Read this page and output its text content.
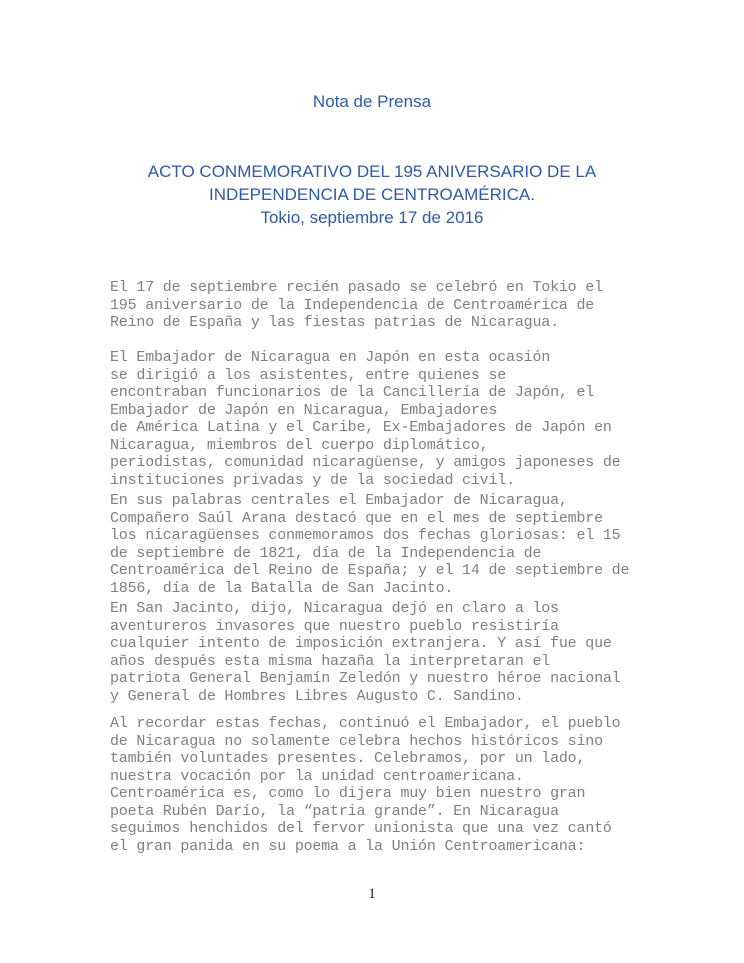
Nota de Prensa
ACTO CONMEMORATIVO DEL 195 ANIVERSARIO DE LA
INDEPENDENCIA DE CENTROAMÉRICA.
Tokio, septiembre 17 de 2016
El 17 de septiembre recién pasado se celebró en Tokio el
195 aniversario de la Independencia de Centroamérica de
Reino de España y las fiestas patrias de Nicaragua.
El Embajador de Nicaragua en Japón en esta ocasión
se dirigió a los asistentes, entre quienes se
encontraban funcionarios de la Cancillería de Japón, el
Embajador de Japón en Nicaragua, Embajadores
de América Latina y el Caribe, Ex-Embajadores de Japón en
Nicaragua, miembros del cuerpo diplomático,
periodistas, comunidad nicaragüense, y amigos japoneses de
instituciones privadas y de la sociedad civil.
En sus palabras centrales el Embajador de Nicaragua,
Compañero Saúl Arana destacó que en el mes de septiembre
los nicaragüenses conmemoramos dos fechas gloriosas: el 15
de septiembre de 1821, día de la Independencia de
Centroamérica del Reino de España; y el 14 de septiembre de
1856, día de la Batalla de San Jacinto.
En San Jacinto, dijo, Nicaragua dejó en claro a los
aventureros invasores que nuestro pueblo resistiría
cualquier intento de imposición extranjera. Y así fue que
años después esta misma hazaña la interpretaran el
patriota General Benjamín Zeledón y nuestro héroe nacional
y General de Hombres Libres Augusto C. Sandino.
Al recordar estas fechas, continuó el Embajador, el pueblo
de Nicaragua no solamente celebra hechos históricos sino
también voluntades presentes. Celebramos, por un lado,
nuestra vocación por la unidad centroamericana.
Centroamérica es, como lo dijera muy bien nuestro gran
poeta Rubén Darío, la “patria grande”. En Nicaragua
seguimos henchidos del fervor unionista que una vez cantó
el gran panida en su poema a la Unión Centroamericana:
1
